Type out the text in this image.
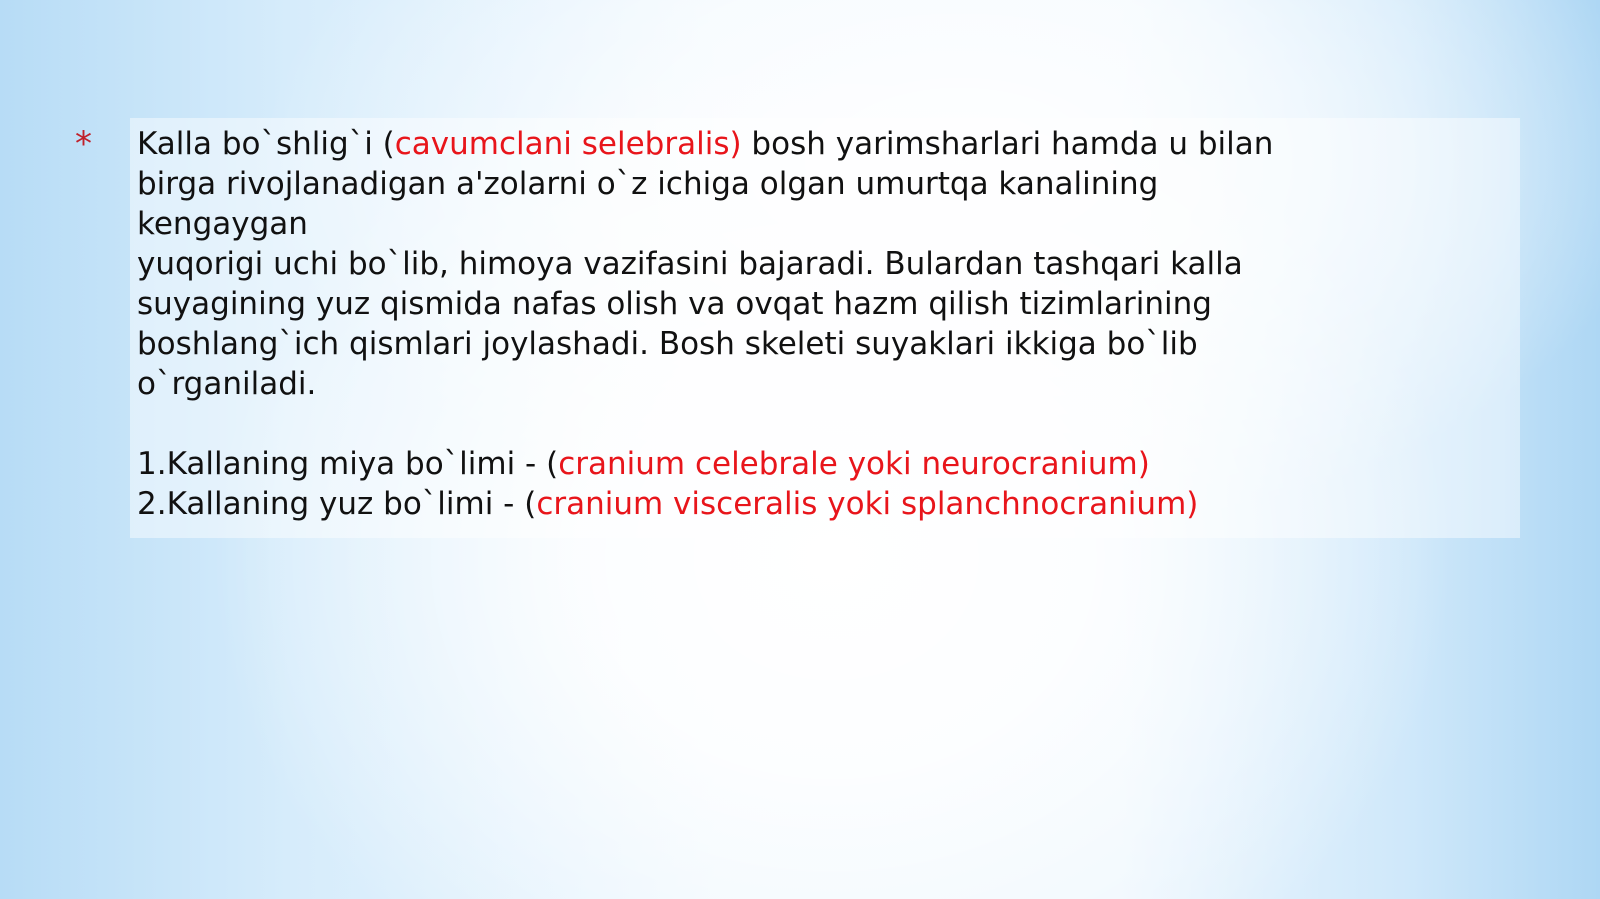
* Kalla bo`shlig`i (cavumclani selebralis) bosh yarimsharlari hamda u bilan
birga rivojlanadigan a'zolarni o`z ichiga olgan umurtqa kanalining
kengaygan
yuqorigi uchi bo`lib, himoya vazifasini bajaradi. Bulardan tashqari kalla
suyagining yuz qismida nafas olish va ovqat hazm qilish tizimlarining
boshlang`ich qismlari joylashadi. Bosh skeleti suyaklari ikkiga bo`lib
o`rganiladi.
1.Kallaning miya bo`limi - (cranium celebrale yoki neurocranium)
2.Kallaning yuz bo`limi - (cranium visceralis yoki splanchnocranium)
